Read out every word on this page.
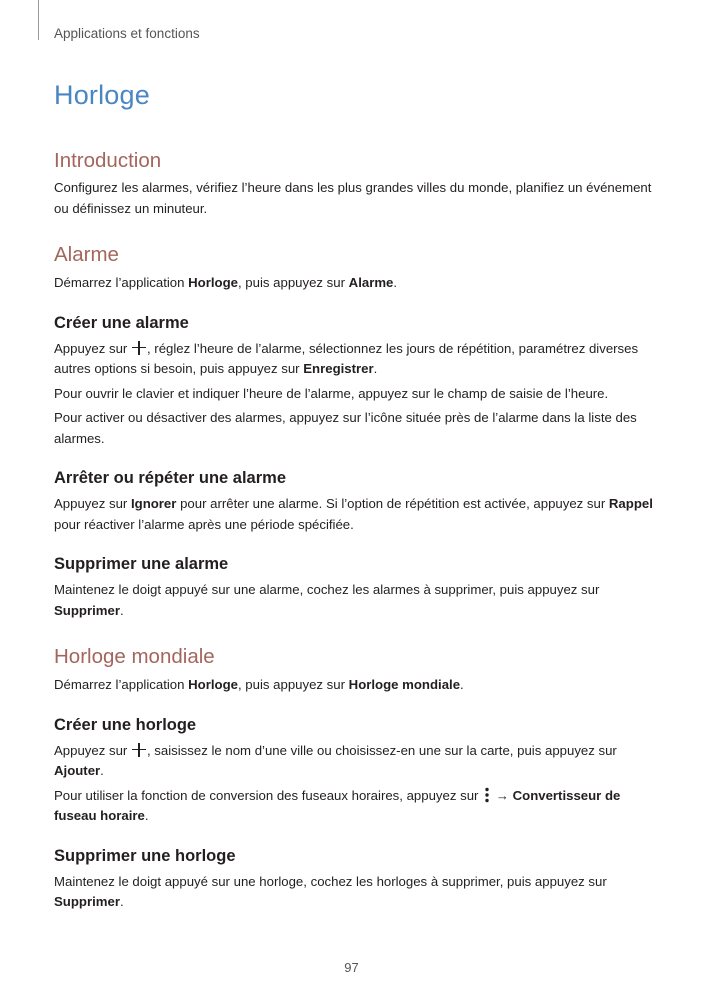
Applications et fonctions
Horloge
Introduction

Configurez les alarmes, vérifiez l’heure dans les plus grandes villes du monde, planifiez un événement ou définissez un minuteur.

Alarme

Démarrez l’application Horloge, puis appuyez sur Alarme.

Créer une alarme

Appuyez sur , réglez l’heure de l’alarme, sélectionnez les jours de répétition, paramétrez diverses autres options si besoin, puis appuyez sur Enregistrer.

Pour ouvrir le clavier et indiquer l’heure de l’alarme, appuyez sur le champ de saisie de l’heure.

Pour activer ou désactiver des alarmes, appuyez sur l’icône située près de l’alarme dans la liste des alarmes.

Arrêter ou répéter une alarme

Appuyez sur Ignorer pour arrêter une alarme. Si l’option de répétition est activée, appuyez sur Rappel pour réactiver l’alarme après une période spécifiée.

Supprimer une alarme

Maintenez le doigt appuyé sur une alarme, cochez les alarmes à supprimer, puis appuyez sur Supprimer.

Horloge mondiale

Démarrez l’application Horloge, puis appuyez sur Horloge mondiale.

Créer une horloge

Appuyez sur , saisissez le nom d’une ville ou choisissez-en une sur la carte, puis appuyez sur Ajouter.

Pour utiliser la fonction de conversion des fuseaux horaires, appuyez sur  → Convertisseur de fuseau horaire.

Supprimer une horloge

Maintenez le doigt appuyé sur une horloge, cochez les horloges à supprimer, puis appuyez sur Supprimer.

97
